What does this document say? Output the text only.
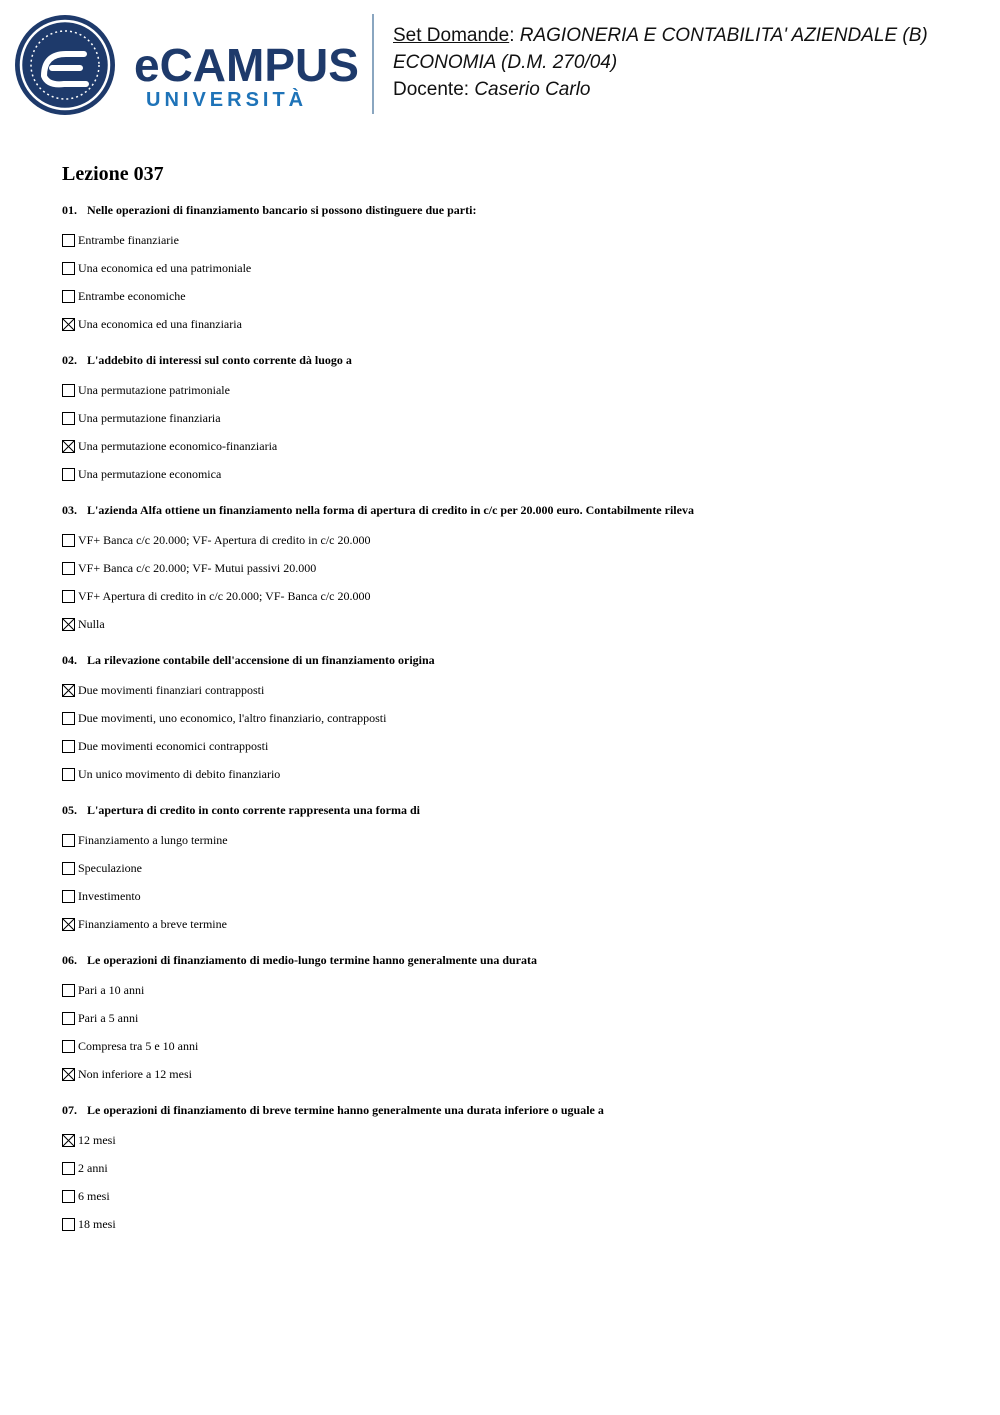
eCAMPUS
UNIVERSITÀ
Set Domande: RAGIONERIA E CONTABILITA' AZIENDALE (B)
ECONOMIA (D.M. 270/04)
Docente: Caserio Carlo
Lezione 037
01. Nelle operazioni di finanziamento bancario si possono distinguere due parti:
Entrambe finanziarie
Una economica ed una patrimoniale
Entrambe economiche
Una economica ed una finanziaria
02. L'addebito di interessi sul conto corrente dà luogo a
Una permutazione patrimoniale
Una permutazione finanziaria
Una permutazione economico-finanziaria
Una permutazione economica
03. L'azienda Alfa ottiene un finanziamento nella forma di apertura di credito in c/c per 20.000 euro. Contabilmente rileva
VF+ Banca c/c 20.000; VF- Apertura di credito in c/c 20.000
VF+ Banca c/c 20.000; VF- Mutui passivi 20.000
VF+ Apertura di credito in c/c 20.000; VF- Banca c/c 20.000
Nulla
04. La rilevazione contabile dell'accensione di un finanziamento origina
Due movimenti finanziari contrapposti
Due movimenti, uno economico, l'altro finanziario, contrapposti
Due movimenti economici contrapposti
Un unico movimento di debito finanziario
05. L'apertura di credito in conto corrente rappresenta una forma di
Finanziamento a lungo termine
Speculazione
Investimento
Finanziamento a breve termine
06. Le operazioni di finanziamento di medio-lungo termine hanno generalmente una durata
Pari a 10 anni
Pari a 5 anni
Compresa tra 5 e 10 anni
Non inferiore a 12 mesi
07. Le operazioni di finanziamento di breve termine hanno generalmente una durata inferiore o uguale a
12 mesi
2 anni
6 mesi
18 mesi
